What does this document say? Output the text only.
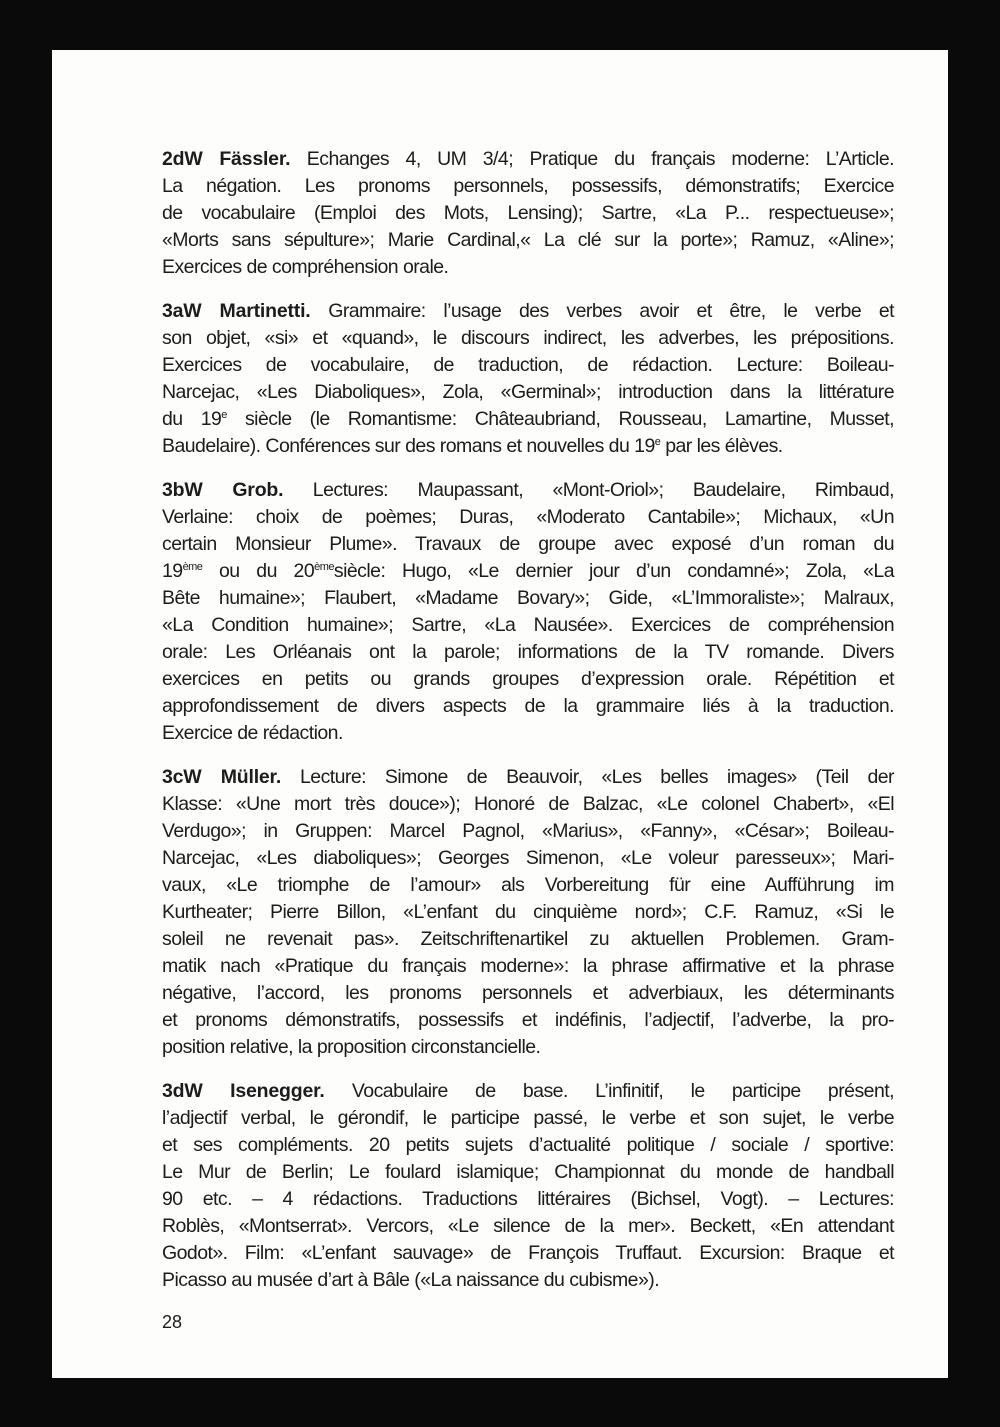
2dW Fässler. Echanges 4, UM 3/4; Pratique du français moderne: L’Article.
La négation. Les pronoms personnels, possessifs, démonstratifs; Exercice
de vocabulaire (Emploi des Mots, Lensing); Sartre, «La P... respectueuse»;
«Morts sans sépulture»; Marie Cardinal,« La clé sur la porte»; Ramuz, «Aline»;
Exercices de compréhension orale.
3aW Martinetti. Grammaire: l’usage des verbes avoir et être, le verbe et
son objet, «si» et «quand», le discours indirect, les adverbes, les prépositions.
Exercices de vocabulaire, de traduction, de rédaction. Lecture: Boileau-
Narcejac, «Les Diaboliques», Zola, «Germinal»; introduction dans la littérature
du 19e siècle (le Romantisme: Châteaubriand, Rousseau, Lamartine, Musset,
Baudelaire). Conférences sur des romans et nouvelles du 19e par les élèves.
3bW Grob. Lectures: Maupassant, «Mont-Oriol»; Baudelaire, Rimbaud,
Verlaine: choix de poèmes; Duras, «Moderato Cantabile»; Michaux, «Un
certain Monsieur Plume». Travaux de groupe avec exposé d’un roman du
19ème ou du 20èmesiècle: Hugo, «Le dernier jour d’un condamné»; Zola, «La
Bête humaine»; Flaubert, «Madame Bovary»; Gide, «L’Immoraliste»; Malraux,
«La Condition humaine»; Sartre, «La Nausée». Exercices de compréhension
orale: Les Orléanais ont la parole; informations de la TV romande. Divers
exercices en petits ou grands groupes d’expression orale. Répétition et
approfondissement de divers aspects de la grammaire liés à la traduction.
Exercice de rédaction.
3cW Müller. Lecture: Simone de Beauvoir, «Les belles images» (Teil der
Klasse: «Une mort très douce»); Honoré de Balzac, «Le colonel Chabert», «El
Verdugo»; in Gruppen: Marcel Pagnol, «Marius», «Fanny», «César»; Boileau-
Narcejac, «Les diaboliques»; Georges Simenon, «Le voleur paresseux»; Mari-
vaux, «Le triomphe de l’amour» als Vorbereitung für eine Aufführung im
Kurtheater; Pierre Billon, «L’enfant du cinquième nord»; C.F. Ramuz, «Si le
soleil ne revenait pas». Zeitschriftenartikel zu aktuellen Problemen. Gram-
matik nach «Pratique du français moderne»: la phrase affirmative et la phrase
négative, l’accord, les pronoms personnels et adverbiaux, les déterminants
et pronoms démonstratifs, possessifs et indéfinis, l’adjectif, l’adverbe, la pro-
position relative, la proposition circonstancielle.
3dW Isenegger. Vocabulaire de base. L’infinitif, le participe présent,
l’adjectif verbal, le gérondif, le participe passé, le verbe et son sujet, le verbe
et ses compléments. 20 petits sujets d’actualité politique / sociale / sportive:
Le Mur de Berlin; Le foulard islamique; Championnat du monde de handball
90 etc. – 4 rédactions. Traductions littéraires (Bichsel, Vogt). – Lectures:
Roblès, «Montserrat». Vercors, «Le silence de la mer». Beckett, «En attendant
Godot». Film: «L’enfant sauvage» de François Truffaut. Excursion: Braque et
Picasso au musée d’art à Bâle («La naissance du cubisme»).
28
